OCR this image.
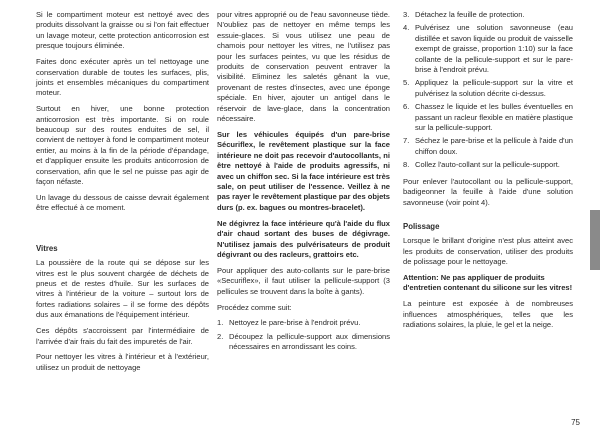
Si le compartiment moteur est nettoyé avec des produits dissolvant la graisse ou si l'on fait effectuer un lavage moteur, cette protection anticorrosion est presque toujours éliminée.

Faites donc exécuter après un tel nettoyage une conservation durable de toutes les surfaces, plis, joints et ensembles mécaniques du compartiment moteur.

Surtout en hiver, une bonne protection anticorrosion est très importante. Si on roule beaucoup sur des routes enduites de sel, il convient de nettoyer à fond le compartiment moteur entier, au moins à la fin de la période d'épandage, et d'appliquer ensuite les produits anticorrosion de conservation, afin que le sel ne puisse pas agir de façon néfaste.

Un lavage du dessous de caisse devrait également être effectué à ce moment.

Vitres

La poussière de la route qui se dépose sur les vitres est le plus souvent chargée de déchets de pneus et de restes d'huile. Sur les surfaces de vitres à l'intérieur de la voiture – surtout lors de fortes radiations solaires – il se forme des dépôts dus aux émanations de l'équipement intérieur.

Ces dépôts s'accroissent par l'intermédiaire de l'arrivée d'air frais du fait des impuretés de l'air.

Pour nettoyer les vitres à l'intérieur et à l'extérieur, utilisez un produit de nettoyage

pour vitres approprié ou de l'eau savonneuse tiède. N'oubliez pas de nettoyer en même temps les essuie-glaces. Si vous utilisez une peau de chamois pour nettoyer les vitres, ne l'utilisez pas pour les surfaces peintes, vu que les résidus de produits de conservation peuvent entraver la visibilité. Eliminez les saletés gênant la vue, provenant de restes d'insectes, avec une éponge spéciale. En hiver, ajouter un antigel dans le réservoir de lave-glace, dans la concentration nécessaire.

Sur les véhicules équipés d'un pare-brise Sécuriflex, le revêtement plastique sur la face intérieure ne doit pas recevoir d'autocollants, ni être nettoyé à l'aide de produits agressifs, ni avec un chiffon sec. Si la face intérieure est très sale, on peut utiliser de l'essence. Veillez à ne pas rayer le revêtement plastique par des objets durs (p. ex. bagues ou montres-bracelet).

Ne dégivrez la face intérieure qu'à l'aide du flux d'air chaud sortant des buses de dégivrage. N'utilisez jamais des pulvérisateurs de produit dégivrant ou des racleurs, grattoirs etc.

Pour appliquer des auto-collants sur le pare-brise «Securiflex», il faut utiliser la pellicule-support (3 pellicules se trouvent dans la boîte à gants).

Procédez comme suit:

1. Nettoyez le pare-brise à l'endroit prévu.
2. Découpez la pellicule-support aux dimensions nécessaires en arrondissant les coins.
3. Détachez la feuille de protection.
4. Pulvérisez une solution savonneuse (eau distillée et savon liquide ou produit de vaisselle exempt de graisse, proportion 1:10) sur la face collante de la pellicule-support et sur le pare-brise à l'endroit prévu.
5. Appliquez la pellicule-support sur la vitre et pulvérisez la solution décrite ci-dessus.
6. Chassez le liquide et les bulles éventuelles en passant un racleur flexible en matière plastique sur la pellicule-support.
7. Séchez le pare-brise et la pellicule à l'aide d'un chiffon doux.
8. Collez l'auto-collant sur la pellicule-support.

Pour enlever l'autocollant ou la pellicule-support, badigeonner la feuille à l'aide d'une solution savonneuse (voir point 4).

Polissage

Lorsque le brillant d'origine n'est plus atteint avec les produits de conservation, utiliser des produits de polissage pour le nettoyage.

Attention: Ne pas appliquer de produits d'entretien contenant du silicone sur les vitres!

La peinture est exposée à de nombreuses influences atmosphériques, telles que les radiations solaires, la pluie, le gel et la neige.

75
